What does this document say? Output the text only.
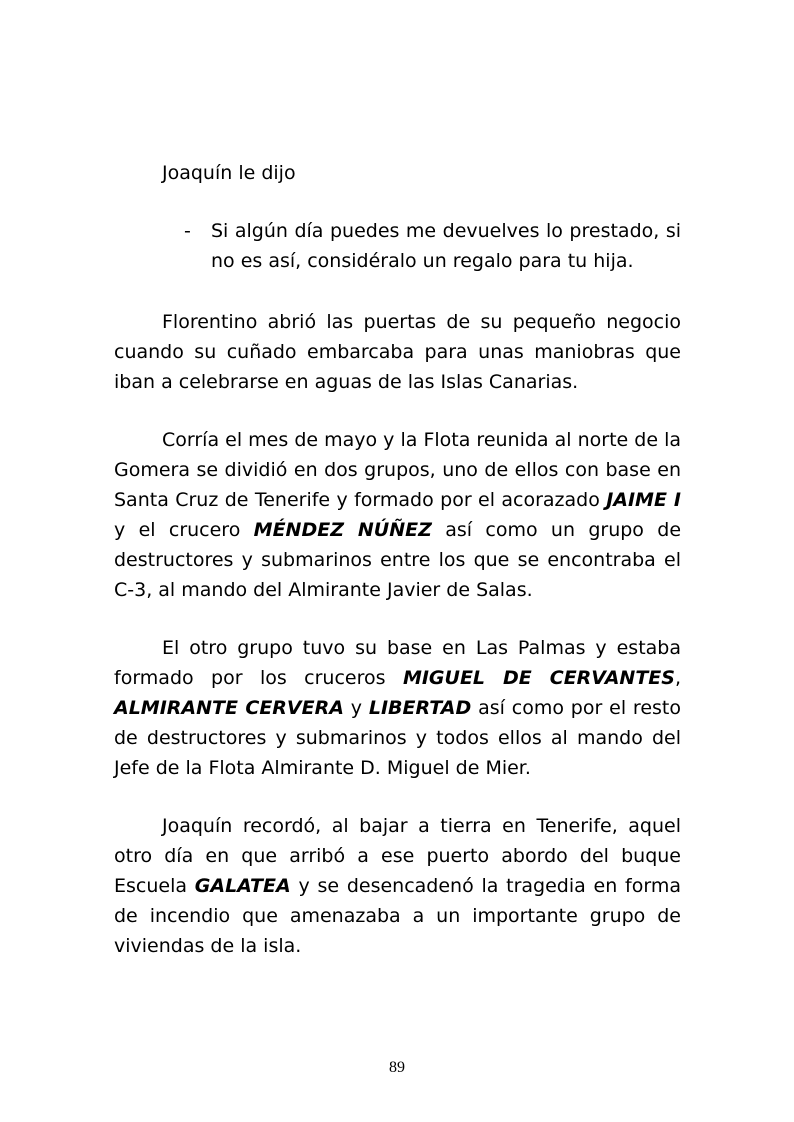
Joaquín le dijo

-	Si algún día puedes me devuelves lo prestado, si no es así, considéralo un regalo para tu hija.

Florentino abrió las puertas de su pequeño negocio cuando su cuñado embarcaba para unas maniobras que iban a celebrarse en aguas de las Islas Canarias.

Corría el mes de mayo y la Flota reunida al norte de la Gomera se dividió en dos grupos, uno de ellos con base en Santa Cruz de Tenerife y formado por el acorazado JAIME I y el crucero MÉNDEZ NÚÑEZ así como un grupo de destructores y submarinos entre los que se encontraba el C-3, al mando del Almirante Javier de Salas.

El otro grupo tuvo su base en Las Palmas y estaba formado por los cruceros MIGUEL DE CERVANTES, ALMIRANTE CERVERA y LIBERTAD así como por el resto de destructores y submarinos y todos ellos al mando del Jefe de la Flota Almirante D. Miguel de Mier.

Joaquín recordó, al bajar a tierra en Tenerife, aquel otro día en que arribó a ese puerto abordo del buque Escuela GALATEA y se desencadenó la tragedia en forma de incendio que amenazaba a un importante grupo de viviendas de la isla.

89
